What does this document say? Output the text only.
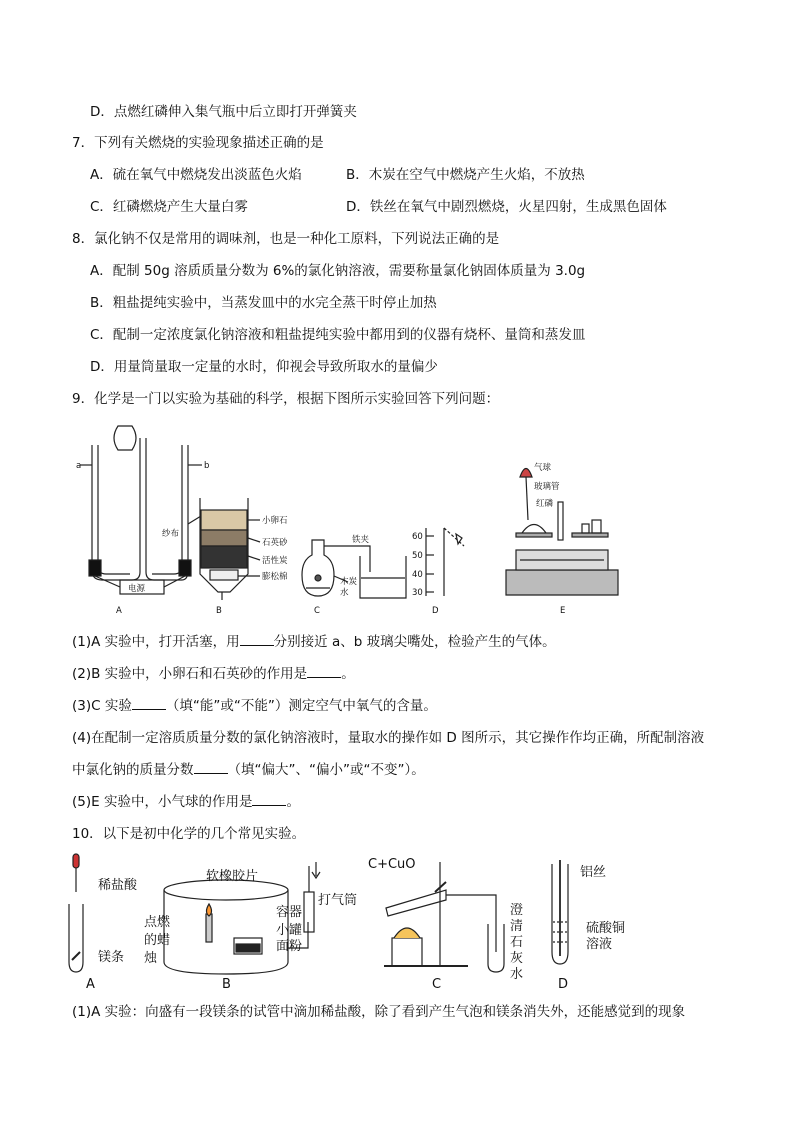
D．点燃红磷伸入集气瓶中后立即打开弹簧夹
7．下列有关燃烧的实验现象描述正确的是
A．硫在氧气中燃烧发出淡蓝色火焰	B．木炭在空气中燃烧产生火焰，不放热
C．红磷燃烧产生大量白雾	D．铁丝在氧气中剧烈燃烧，火星四射，生成黑色固体
8．氯化钠不仅是常用的调味剂，也是一种化工原料，下列说法正确的是
A．配制 50g 溶质质量分数为 6%的氯化钠溶液，需要称量氯化钠固体质量为 3.0g
B．粗盐提纯实验中，当蒸发皿中的水完全蒸干时停止加热
C．配制一定浓度氯化钠溶液和粗盐提纯实验中都用到的仪器有烧杯、量筒和蒸发皿
D．用量筒量取一定量的水时，仰视会导致所取水的量偏少
9．化学是一门以实验为基础的科学，根据下图所示实验回答下列问题：
a	b
电源
纱布
小卵石
石英砂
活性炭
膨松棉
铁夹
木炭
水
60
50
40
30
气球
玻璃管
红磷
A	B	C	D	E
(1)A 实验中，打开活塞，用	分别接近 a、b 玻璃尖嘴处，检验产生的气体。
(2)B 实验中，小卵石和石英砂的作用是	。
(3)C 实验	（填“能”或“不能”）测定空气中氧气的含量。
(4)在配制一定溶质质量分数的氯化钠溶液时，量取水的操作如 D 图所示，其它操作作均正确，所配制溶液
中氯化钠的质量分数	（填“偏大”、“偏小”或“不变”）。
(5)E 实验中，小气球的作用是	。
10．以下是初中化学的几个常见实验。
稀盐酸
镁条
点燃
的蜡
烛
软橡胶片
容器
打气筒
小罐
面粉
C+CuO
澄
清
石
灰
水
铝丝
硫酸铜
溶液
A	B	C	D
(1)A 实验：向盛有一段镁条的试管中滴加稀盐酸，除了看到产生气泡和镁条消失外，还能感觉到的现象
